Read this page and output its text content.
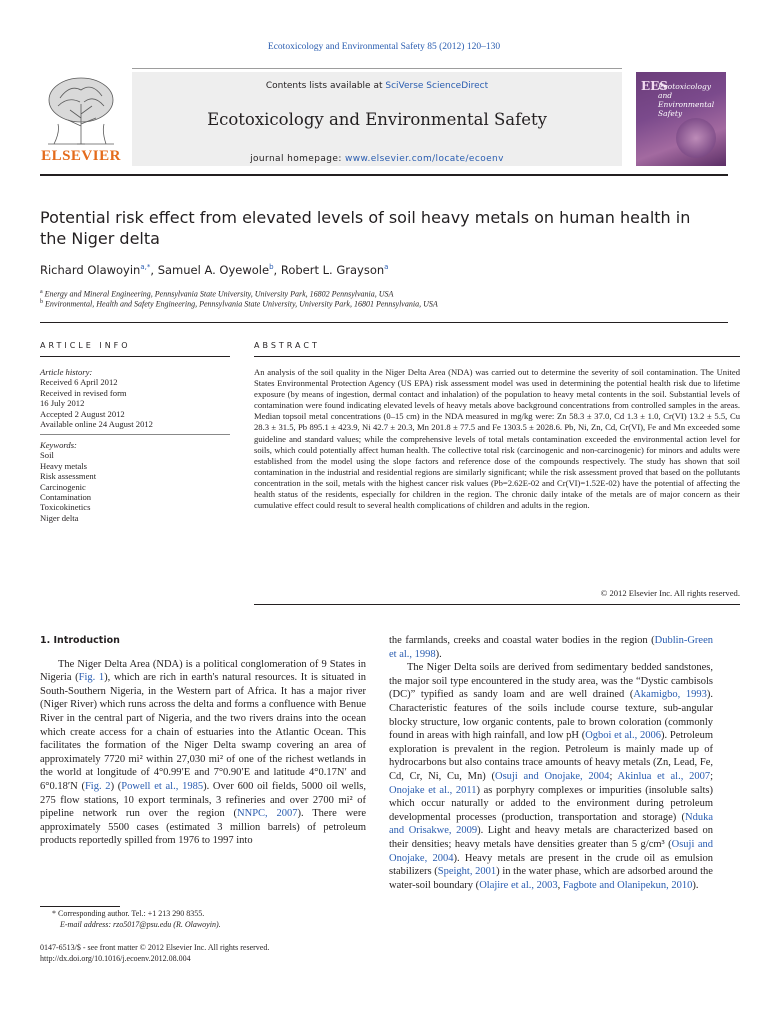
Ecotoxicology and Environmental Safety 85 (2012) 120–130
ELSEVIER
Contents lists available at SciVerse ScienceDirect
Ecotoxicology and Environmental Safety
journal homepage: www.elsevier.com/locate/ecoenv
EES
Ecotoxicology and Environmental Safety
Potential risk effect from elevated levels of soil heavy metals on human health in the Niger delta
Richard Olawoyin$^{a,*}$, Samuel A. Oyewole$^b$, Robert L. Grayson$^a$
$^a$ Energy and Mineral Engineering, Pennsylvania State University, University Park, 16802 Pennsylvania, USA
$^b$ Environmental, Health and Safety Engineering, Pennsylvania State University, University Park, 16801 Pennsylvania, USA
ARTICLE INFO	ABSTRACT
Article history:
Received 6 April 2012
Received in revised form
16 July 2012
Accepted 2 August 2012
Available online 24 August 2012
Keywords:
Soil
Heavy metals
Risk assessment
Carcinogenic
Contamination
Toxicokinetics
Niger delta
An analysis of the soil quality in the Niger Delta Area (NDA) was carried out to determine the severity of soil contamination. The United States Environmental Protection Agency (US EPA) risk assessment model was used in determining the potential health risk due to lifetime exposure (by means of ingestion, dermal contact and inhalation) of the population to heavy metal contents in the soil. Substantial levels of contamination were found indicating elevated levels of heavy metals above background concentrations from controlled samples in the areas. Median topsoil metal concentrations (0–15 cm) in the NDA measured in mg/kg were: Zn 58.3 ± 37.0, Cd 1.3 ± 1.0, Cr(VI) 13.2 ± 5.5, Cu 28.3 ± 31.5, Pb 895.1 ± 423.9, Ni 42.7 ± 20.3, Mn 201.8 ± 77.5 and Fe 1303.5 ± 2028.6. Pb, Ni, Zn, Cd, Cr(VI), Fe and Mn exceeded some guideline and standard values; while the comprehensive levels of total metals contamination exceeded the environmental action level for soils, which could potentially affect human health. The collective total risk (carcinogenic and non-carcinogenic) for minors and adults were established from the model using the slope factors and reference dose of the compounds respectively. The study has shown that soil contamination in the industrial and residential regions are similarly significant; while the risk assessment proved that based on the pollutants concentration in the soil, metals with the highest cancer risk values (Pb=2.62E-02 and Cr(VI)=1.52E-02) have the potential of affecting the health status of the residents, especially for children in the region. The chronic daily intake of the metals are of major concern as their cumulative effect could result to several health complications of children and adults in the region.
© 2012 Elsevier Inc. All rights reserved.
1. Introduction

The Niger Delta Area (NDA) is a political conglomeration of 9 States in Nigeria (Fig. 1), which are rich in earth's natural resources. It is situated in South-Southern Nigeria, in the Western part of Africa. It has a major river (Niger River) which runs across the delta and forms a confluence with Benue River in the central part of Nigeria, and the two rivers drains into the ocean which create access for a chain of estuaries into the Atlantic Ocean. This facilitates the formation of the Niger Delta swamp covering an area of approximately 7720 mi² within 27,030 mi² of one of the richest wetlands in the world at longitude of 4°0.99′E and 7°0.90′E and latitude 4°0.17N′ and 6°0.18′N (Fig. 2) (Powell et al., 1985). Over 600 oil fields, 5000 oil wells, 275 flow stations, 10 export terminals, 3 refineries and over 2700 mi² of pipeline network run over the region (NNPC, 2007). There were approximately 5500 cases (estimated 3 million barrels) of petroleum products reportedly spilled from 1976 to 1997 into

the farmlands, creeks and coastal water bodies in the region (Dublin-Green et al., 1998).

The Niger Delta soils are derived from sedimentary bedded sandstones, the major soil type encountered in the study area, was the “Dystic cambisols (DC)” typified as sandy loam and are well drained (Akamigbo, 1993). Characteristic features of the soils include course texture, sub-angular blocky structure, low organic contents, pale to brown coloration (commonly found in areas with high rainfall, and low pH (Ogboi et al., 2006). Petroleum exploration is prevalent in the region. Petroleum is mainly made up of hydrocarbons but also contains trace amounts of heavy metals (Zn, Lead, Fe, Cd, Cr, Ni, Cu, Mn) (Osuji and Onojake, 2004; Akinlua et al., 2007; Onojake et al., 2011) as porphyry complexes or impurities (insoluble salts) which occur naturally or added to the environment during petroleum developmental processes (production, transportation and storage) (Nduka and Orisakwe, 2009). Light and heavy metals are characterized based on their densities; heavy metals have densities greater than 5 g/cm³ (Osuji and Onojake, 2004). Heavy metals are present in the crude oil as emulsion stabilizers (Speight, 2001) in the water phase, which are adsorbed around the water-soil boundary (Olajire et al., 2003, Fagbote and Olanipekun, 2010).

* Corresponding author. Tel.: +1 213 290 8355.
E-mail address: rzo5017@psu.edu (R. Olawoyin).
0147-6513/$ - see front matter © 2012 Elsevier Inc. All rights reserved.
http://dx.doi.org/10.1016/j.ecoenv.2012.08.004
